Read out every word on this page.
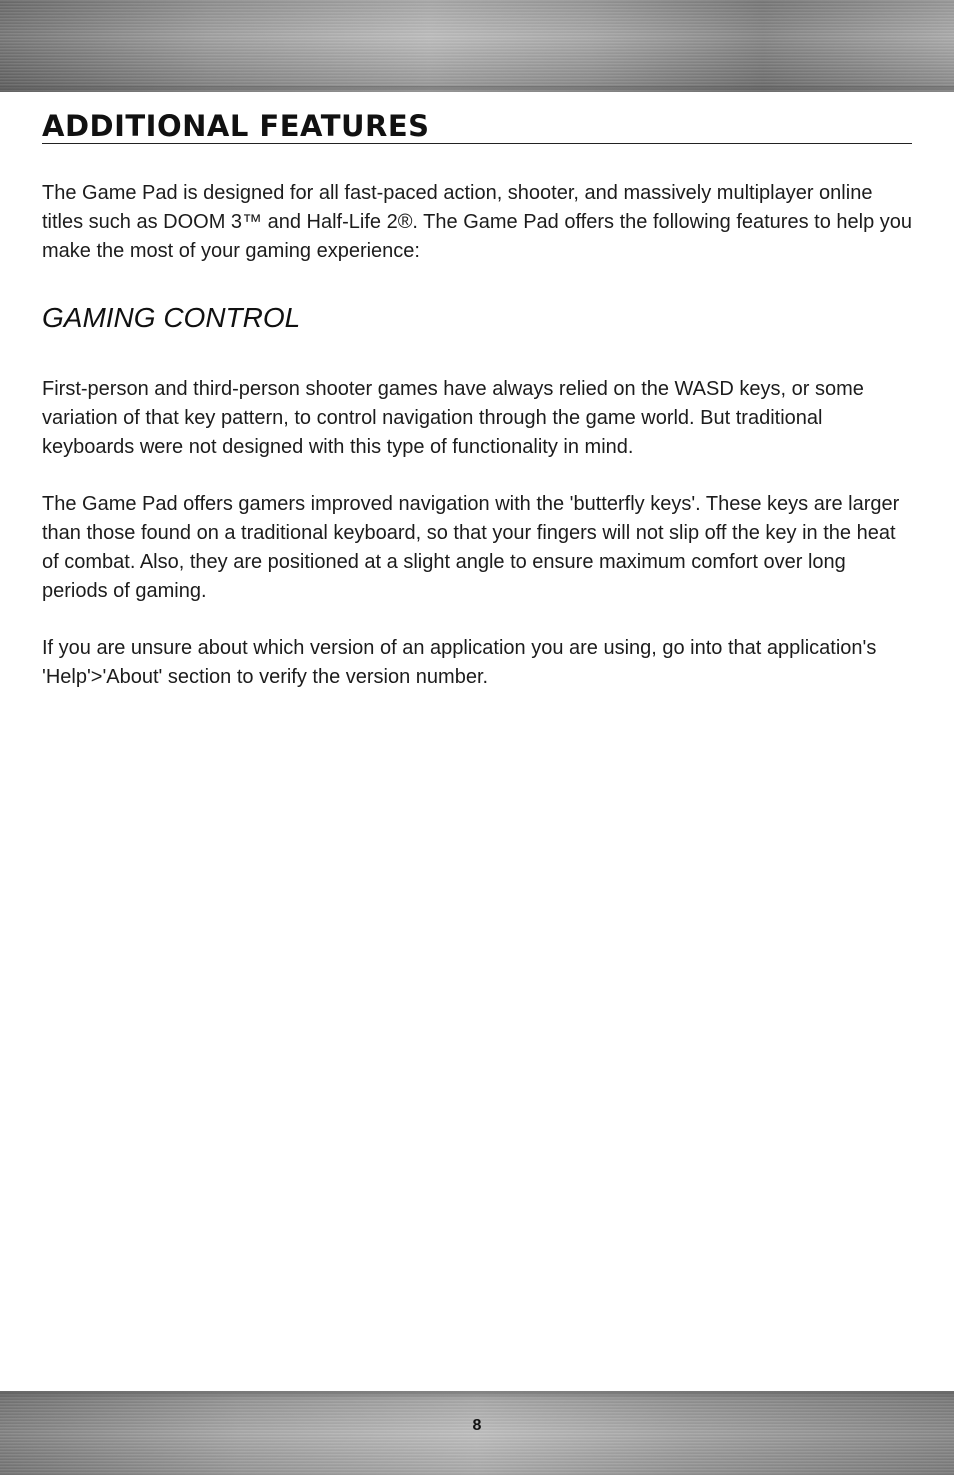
ADDITIONAL FEATURES

The Game Pad is designed for all fast-paced action, shooter, and massively multiplayer online titles such as DOOM 3™ and Half-Life 2®. The Game Pad offers the following features to help you make the most of your gaming experience:

GAMING CONTROL

First-person and third-person shooter games have always relied on the WASD keys, or some variation of that key pattern, to control navigation through the game world. But traditional keyboards were not designed with this type of functionality in mind.

The Game Pad offers gamers improved navigation with the 'butterfly keys'. These keys are larger than those found on a traditional keyboard, so that your fingers will not slip off the key in the heat of combat. Also, they are positioned at a slight angle to ensure maximum comfort over long periods of gaming.

If you are unsure about which version of an application you are using, go into that application's 'Help'>'About' section to verify the version number.

8
